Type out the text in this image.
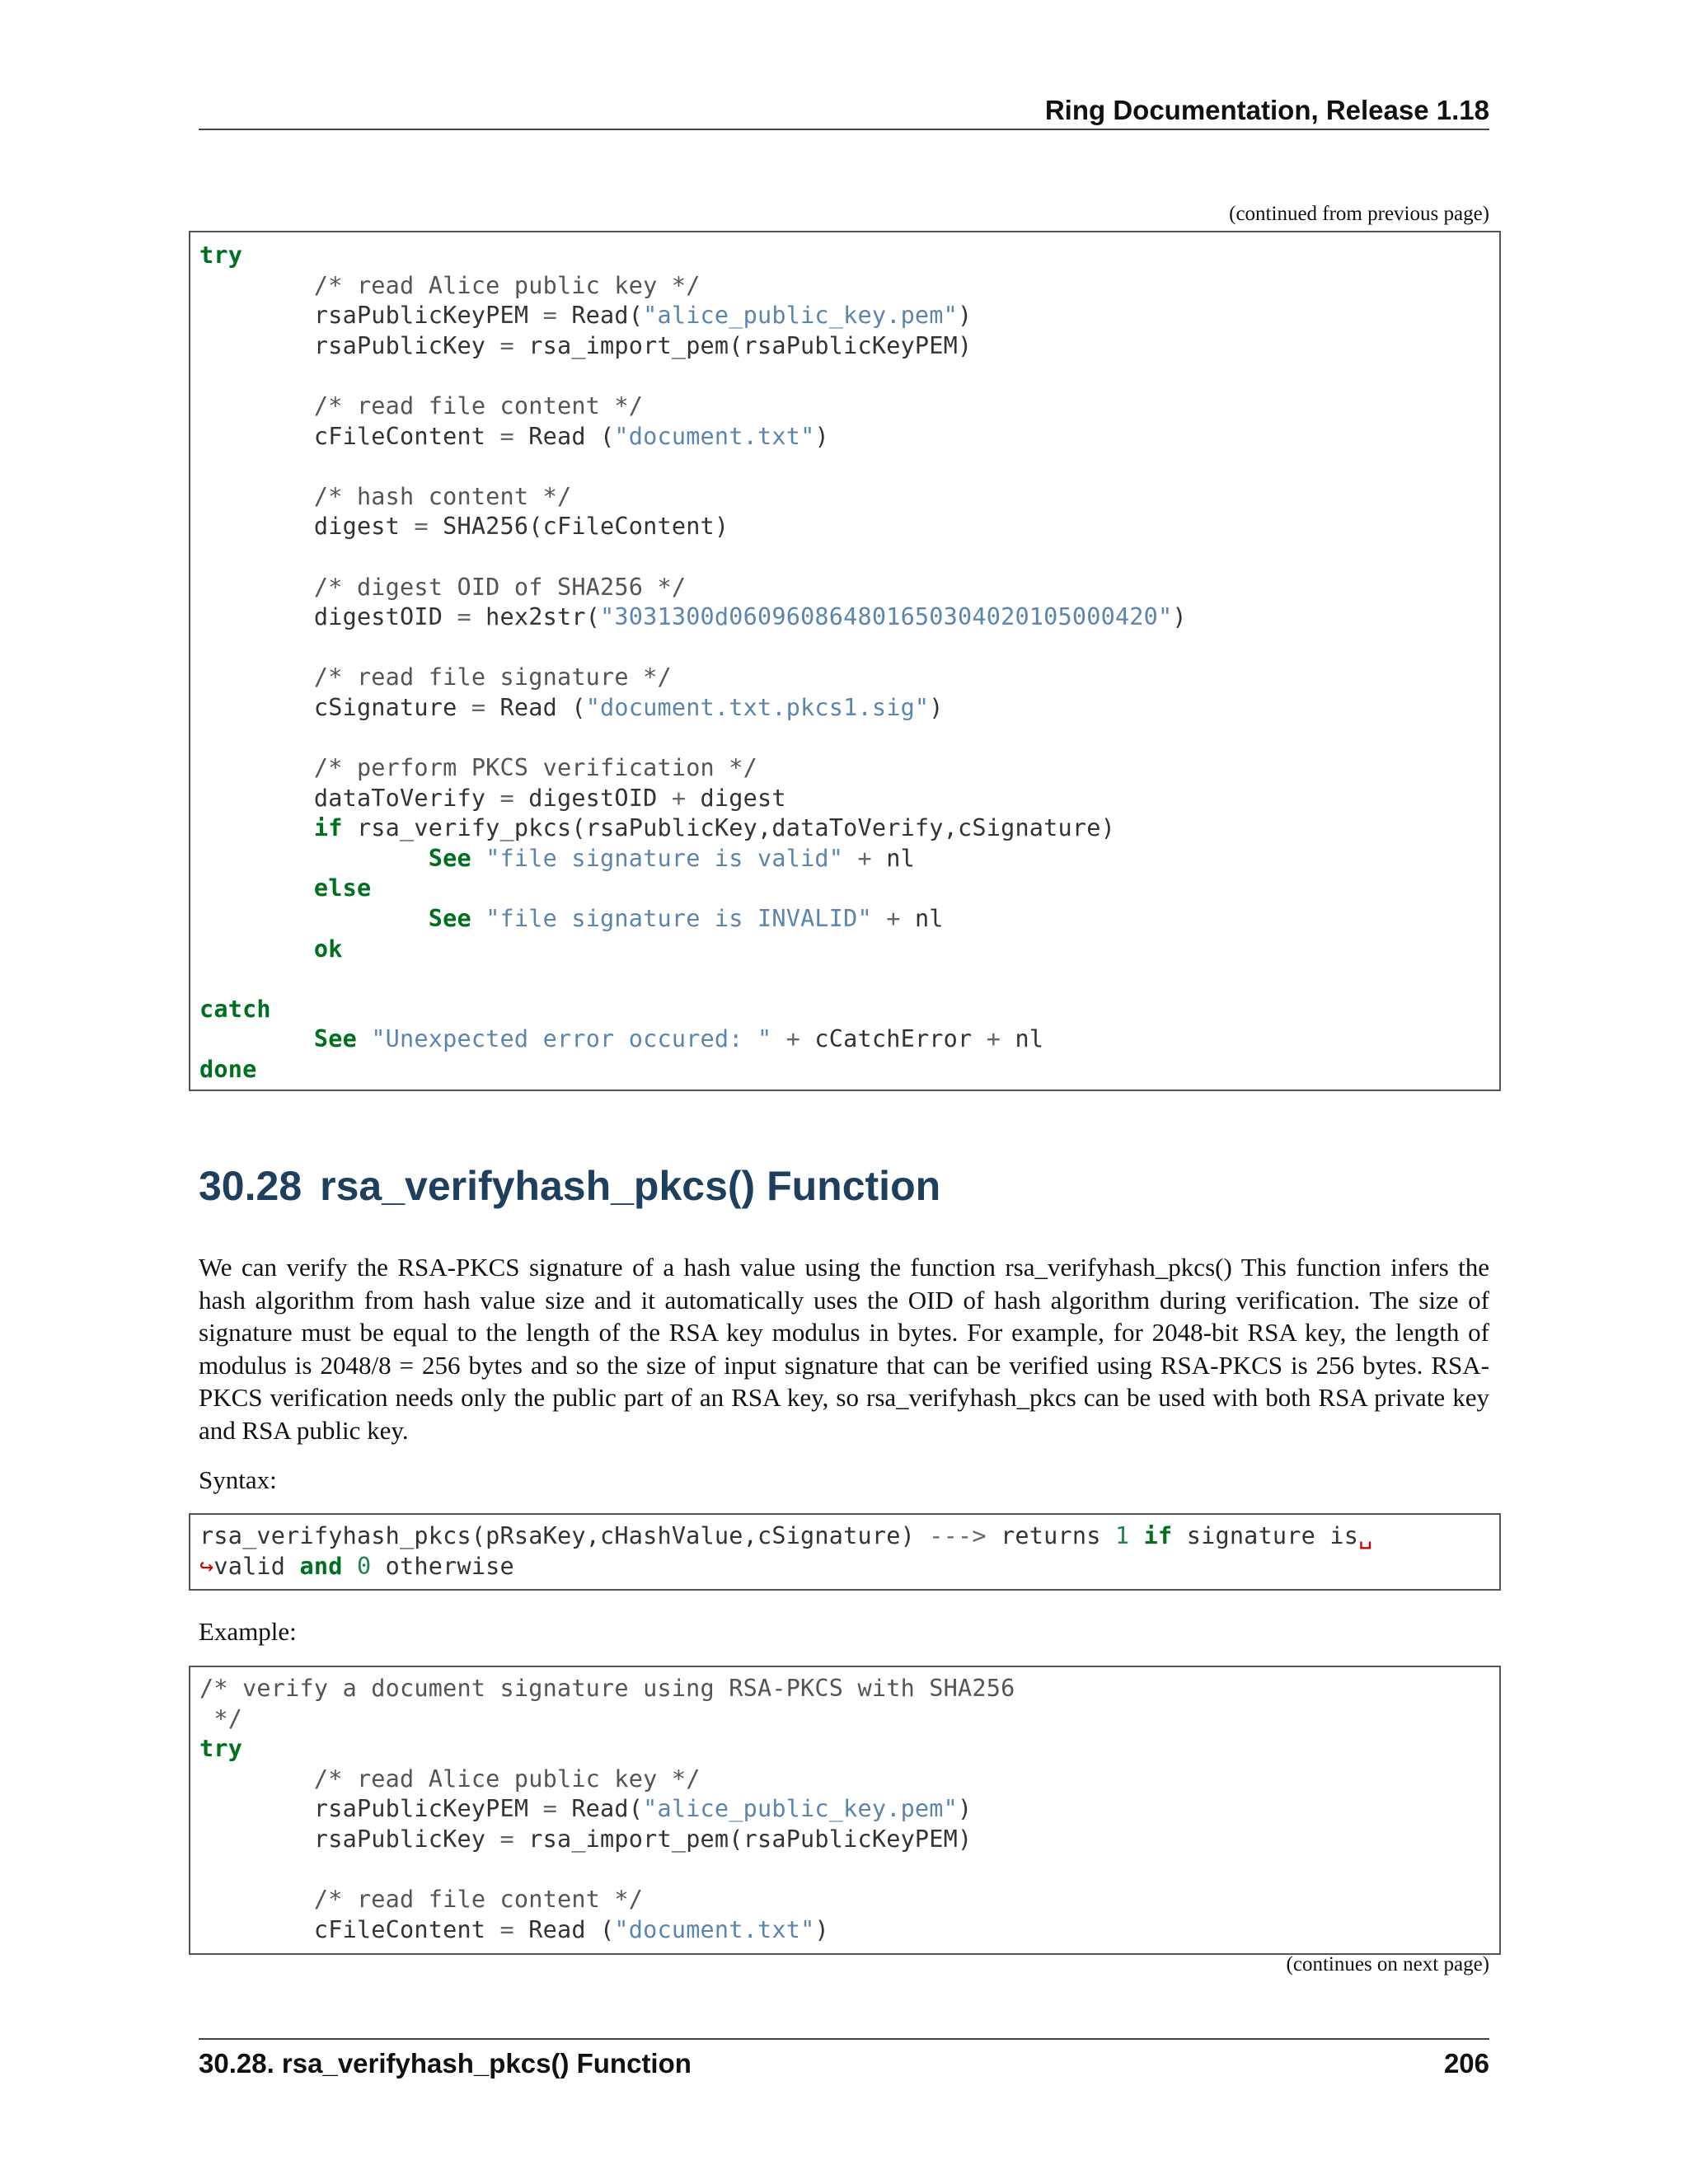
Ring Documentation, Release 1.18
(continued from previous page)
try
/* read Alice public key */
rsaPublicKeyPEM = Read("alice_public_key.pem")
rsaPublicKey = rsa_import_pem(rsaPublicKeyPEM)

/* read file content */
cFileContent = Read ("document.txt")

/* hash content */
digest = SHA256(cFileContent)

/* digest OID of SHA256 */
digestOID = hex2str("3031300d060960864801650304020105000420")

/* read file signature */
cSignature = Read ("document.txt.pkcs1.sig")

/* perform PKCS verification */
dataToVerify = digestOID + digest
if rsa_verify_pkcs(rsaPublicKey,dataToVerify,cSignature)
See "file signature is valid" + nl
else
See "file signature is INVALID" + nl
ok

catch
See "Unexpected error occured: " + cCatchError + nl
done
30.28 rsa_verifyhash_pkcs() Function

We can verify the RSA-PKCS signature of a hash value using the function rsa_verifyhash_pkcs() This function infers the hash algorithm from hash value size and it automatically uses the OID of hash algorithm during verification. The size of signature must be equal to the length of the RSA key modulus in bytes. For example, for 2048-bit RSA key, the length of modulus is 2048/8 = 256 bytes and so the size of input signature that can be verified using RSA-PKCS is 256 bytes. RSA-PKCS verification needs only the public part of an RSA key, so rsa_verifyhash_pkcs can be used with both RSA private key and RSA public key.

Syntax:

rsa_verifyhash_pkcs(pRsaKey,cHashValue,cSignature) ---> returns 1 if signature is␣
↪valid and 0 otherwise

Example:

/* verify a document signature using RSA-PKCS with SHA256
*/
try
/* read Alice public key */
rsaPublicKeyPEM = Read("alice_public_key.pem")
rsaPublicKey = rsa_import_pem(rsaPublicKeyPEM)

/* read file content */
cFileContent = Read ("document.txt")
(continues on next page)
30.28. rsa_verifyhash_pkcs() Function	206
